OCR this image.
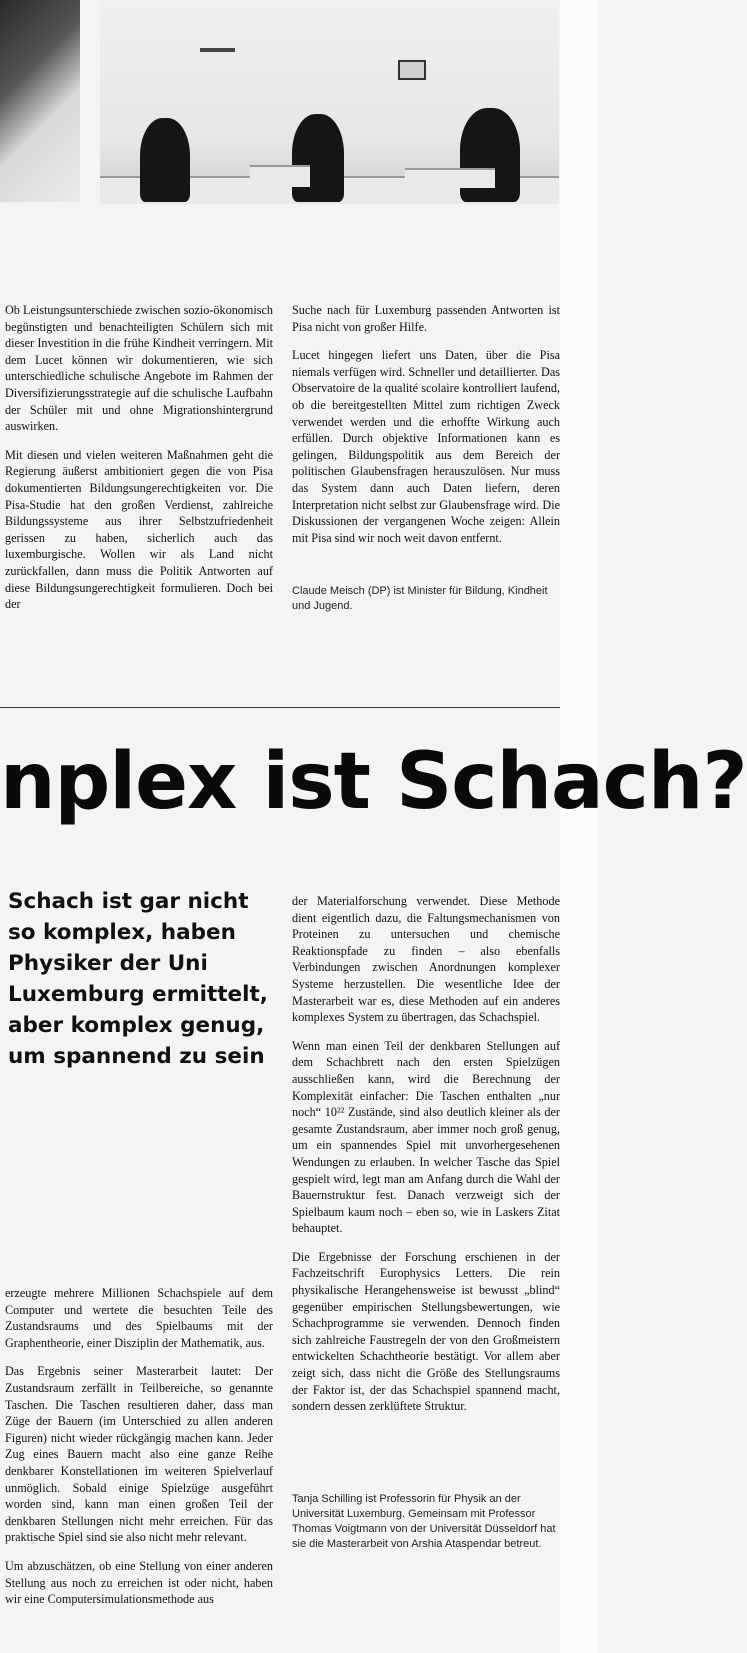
Ob Leistungsunterschiede zwischen sozio-ökonomisch begünstigten und benachteiligten Schülern sich mit dieser Investition in die frühe Kindheit verringern. Mit dem Lucet können wir dokumentieren, wie sich unterschiedliche schulische Angebote im Rahmen der Diversifizierungsstrategie auf die schulische Laufbahn der Schüler mit und ohne Migrationshintergrund auswirken.

Mit diesen und vielen weiteren Maßnahmen geht die Regierung äußerst ambitioniert gegen die von Pisa dokumentierten Bildungsungerechtigkeiten vor. Die Pisa-Studie hat den großen Verdienst, zahlreiche Bildungssysteme aus ihrer Selbstzufriedenheit gerissen zu haben, sicherlich auch das luxemburgische. Wollen wir als Land nicht zurückfallen, dann muss die Politik Antworten auf diese Bildungsungerechtigkeit formulieren. Doch bei der

Suche nach für Luxemburg passenden Antworten ist Pisa nicht von großer Hilfe.

Lucet hingegen liefert uns Daten, über die Pisa niemals verfügen wird. Schneller und detaillierter. Das Observatoire de la qualité scolaire kontrolliert laufend, ob die bereitgestellten Mittel zum richtigen Zweck verwendet werden und die erhoffte Wirkung auch erfüllen. Durch objektive Informationen kann es gelingen, Bildungspolitik aus dem Bereich der politischen Glaubensfragen herauszulösen. Nur muss das System dann auch Daten liefern, deren Interpretation nicht selbst zur Glaubensfrage wird. Die Diskussionen der vergangenen Woche zeigen: Allein mit Pisa sind wir noch weit davon entfernt.

Claude Meisch (DP) ist Minister für Bildung, Kindheit und Jugend.
nplex ist Schach?
Schach ist gar nicht so komplex, haben Physiker der Uni Luxemburg ermittelt, aber komplex genug, um spannend zu sein

erzeugte mehrere Millionen Schachspiele auf dem Computer und wertete die besuchten Teile des Zustandsraums und des Spielbaums mit der Graphentheorie, einer Disziplin der Mathematik, aus.

Das Ergebnis seiner Masterarbeit lautet: Der Zustandsraum zerfällt in Teilbereiche, so genannte Taschen. Die Taschen resultieren daher, dass man Züge der Bauern (im Unterschied zu allen anderen Figuren) nicht wieder rückgängig machen kann. Jeder Zug eines Bauern macht also eine ganze Reihe denkbarer Konstellationen im weiteren Spielverlauf unmöglich. Sobald einige Spielzüge ausgeführt worden sind, kann man einen großen Teil der denkbaren Stellungen nicht mehr erreichen. Für das praktische Spiel sind sie also nicht mehr relevant.

Um abzuschätzen, ob eine Stellung von einer anderen Stellung aus noch zu erreichen ist oder nicht, haben wir eine Computersimulationsmethode aus

der Materialforschung verwendet. Diese Methode dient eigentlich dazu, die Faltungsmechanismen von Proteinen zu untersuchen und chemische Reaktionspfade zu finden – also ebenfalls Verbindungen zwischen Anordnungen komplexer Systeme herzustellen. Die wesentliche Idee der Masterarbeit war es, diese Methoden auf ein anderes komplexes System zu übertragen, das Schachspiel.

Wenn man einen Teil der denkbaren Stellungen auf dem Schachbrett nach den ersten Spielzügen ausschließen kann, wird die Berechnung der Komplexität einfacher: Die Taschen enthalten „nur noch“ 10²² Zustände, sind also deutlich kleiner als der gesamte Zustandsraum, aber immer noch groß genug, um ein spannendes Spiel mit unvorhergesehenen Wendungen zu erlauben. In welcher Tasche das Spiel gespielt wird, legt man am Anfang durch die Wahl der Bauernstruktur fest. Danach verzweigt sich der Spielbaum kaum noch – eben so, wie in Laskers Zitat behauptet.

Die Ergebnisse der Forschung erschienen in der Fachzeitschrift Europhysics Letters. Die rein physikalische Herangehensweise ist bewusst „blind“ gegenüber empirischen Stellungsbewertungen, wie Schachprogramme sie verwenden. Dennoch finden sich zahlreiche Faustregeln der von den Großmeistern entwickelten Schachtheorie bestätigt. Vor allem aber zeigt sich, dass nicht die Größe des Stellungsraums der Faktor ist, der das Schachspiel spannend macht, sondern dessen zerklüftete Struktur.

Tanja Schilling ist Professorin für Physik an der Universität Luxemburg. Gemeinsam mit Professor Thomas Voigtmann von der Universität Düsseldorf hat sie die Masterarbeit von Arshia Ataspendar betreut.
